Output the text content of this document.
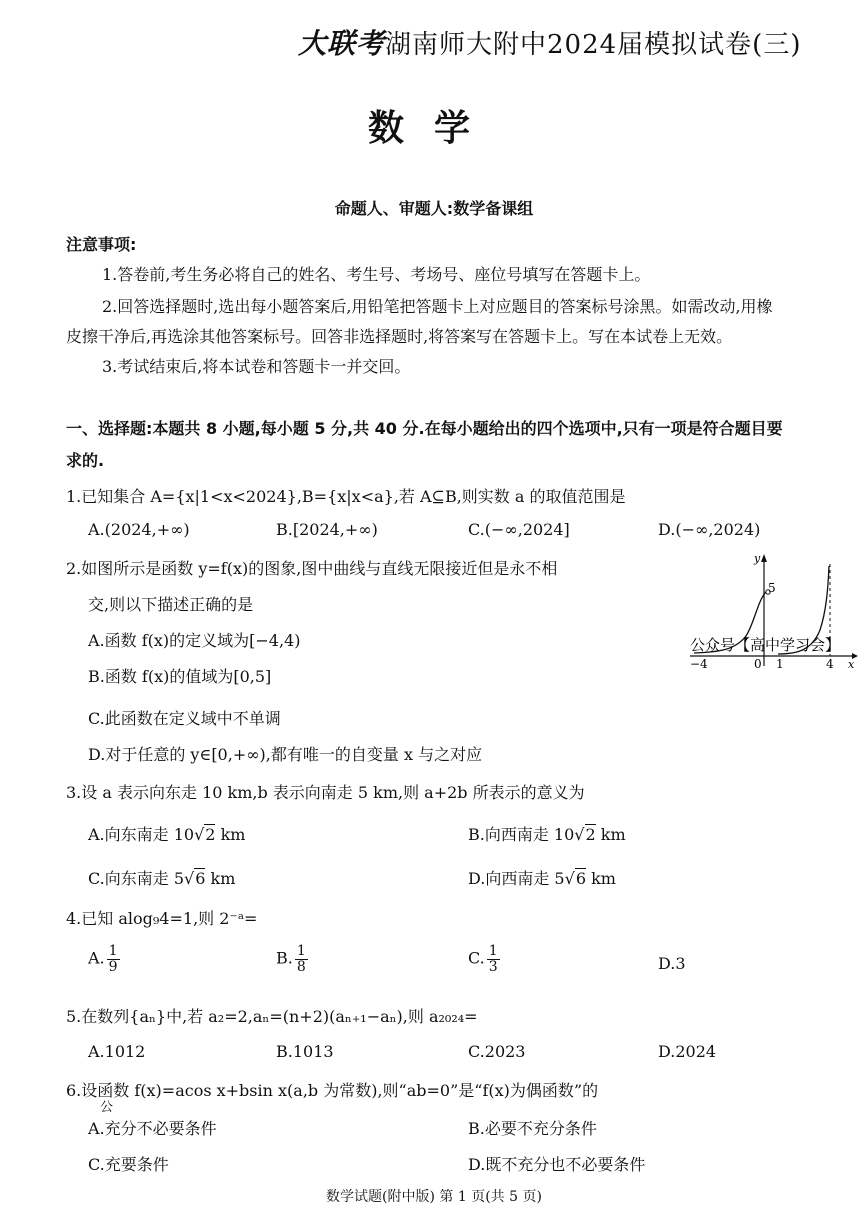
大联考湖南师大附中2024届模拟试卷(三)
数学
命题人、审题人:数学备课组
注意事项:
1.答卷前,考生务必将自己的姓名、考生号、考场号、座位号填写在答题卡上。
2.回答选择题时,选出每小题答案后,用铅笔把答题卡上对应题目的答案标号涂黑。如需改动,用橡
皮擦干净后,再选涂其他答案标号。回答非选择题时,将答案写在答题卡上。写在本试卷上无效。
3.考试结束后,将本试卷和答题卡一并交回。
一、选择题:本题共 8 小题,每小题 5 分,共 40 分.在每小题给出的四个选项中,只有一项是符合题目要
求的.
1.已知集合 A={x|1<x<2024},B={x|x<a},若 A⊆B,则实数 a 的取值范围是
A.(2024,+∞)	B.[2024,+∞)	C.(−∞,2024]	D.(−∞,2024)
2.如图所示是函数 y=f(x)的图象,图中曲线与直线无限接近但是永不相
交,则以下描述正确的是
A.函数 f(x)的定义域为[−4,4)
B.函数 f(x)的值域为[0,5]
C.此函数在定义域中不单调
D.对于任意的 y∈[0,+∞),都有唯一的自变量 x 与之对应
y
x
5
−4	0 1	4
公众号【高中学习会】
3.设 a 表示向东走 10 km,b 表示向南走 5 km,则 a+2b 所表示的意义为
A.向东南走 10√2 km	B.向西南走 10√2 km
C.向东南走 5√6 km	D.向西南走 5√6 km
4.已知 alog₉4=1,则 2⁻ᵃ=
A. $\frac{1}{9}$	B. $\frac{1}{8}$	C. $\frac{1}{3}$	D.3
5.在数列{aₙ}中,若 a₂=2,aₙ=(n+2)(aₙ₊₁−aₙ),则 a₂₀₂₄=
A.1012	B.1013	C.2023	D.2024
6.设函数 f(x)=acos x+bsin x(a,b 为常数),则“ab=0”是“f(x)为偶函数”的
公
A.充分不必要条件	B.必要不充分条件
C.充要条件	D.既不充分也不必要条件
数学试题(附中版) 第 1 页(共 5 页)
